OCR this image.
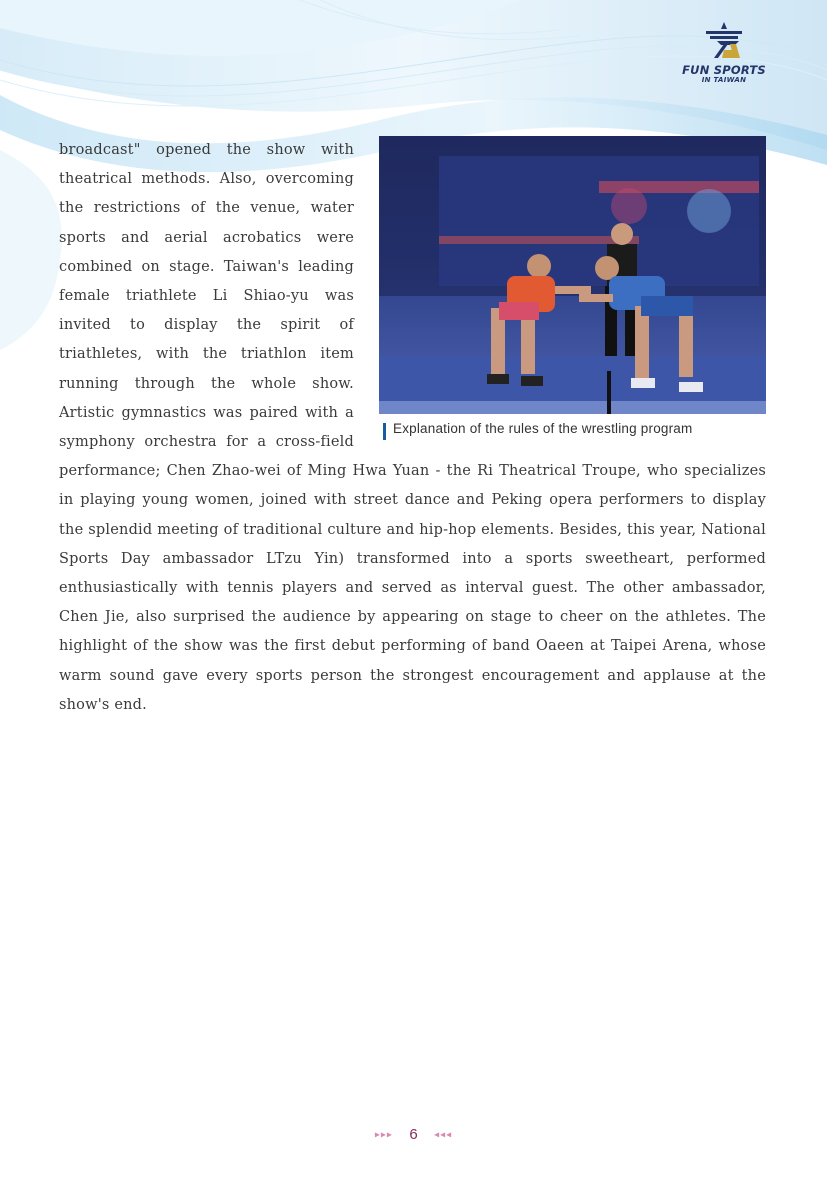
FUN SPORTS
IN TAIWAN
Explanation of the rules of the wrestling program

broadcast" opened the show with theatrical methods. Also, overcoming the restrictions of the venue, water sports and aerial acrobatics were combined on stage. Taiwan's leading female triathlete Li Shiao-yu was invited to display the spirit of triathletes, with the triathlon item running through the whole show. Artistic gymnastics was paired with a symphony orchestra for a cross-field performance; Chen Zhao-wei of Ming Hwa Yuan - the Ri Theatrical Troupe, who specializes in playing young women, joined with street dance and Peking opera performers to display the splendid meeting of traditional culture and hip-hop elements. Besides, this year, National Sports Day ambassador LTzu Yin) transformed into a sports sweetheart, performed enthusiastically with tennis players and served as interval guest. The other ambassador, Chen Jie, also surprised the audience by appearing on stage to cheer on the athletes. The highlight of the show was the first debut performing of band Oaeen at Taipei Arena, whose warm sound gave every sports person the strongest encouragement and applause at the show's end.

▸▸▸ 6 ◂◂◂
